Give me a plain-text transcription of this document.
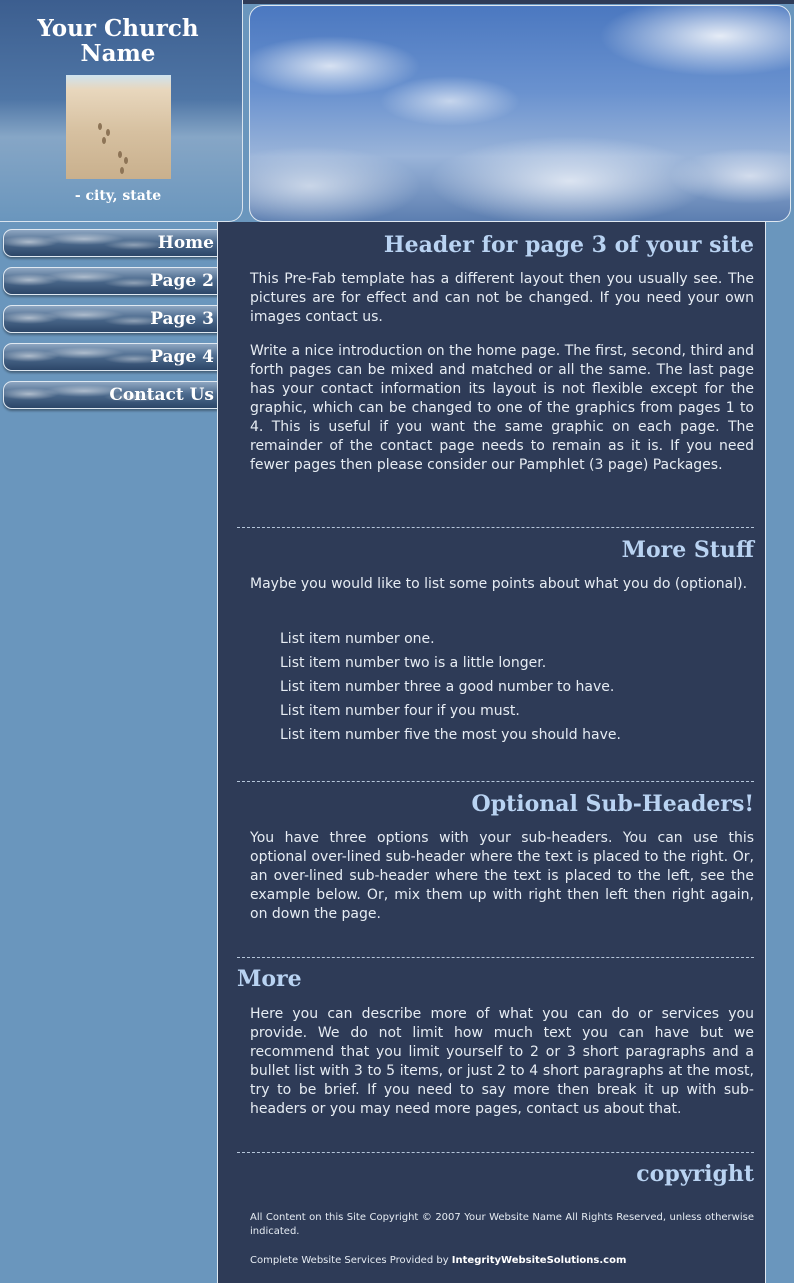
Your Church
Name
- city, state
Home
Page 2
Page 3
Page 4
Contact Us
Header for page 3 of your site
This Pre-Fab template has a different layout then you usually see. The pictures are for effect and can not be changed. If you need your own images contact us.
Write a nice introduction on the home page. The first, second, third and forth pages can be mixed and matched or all the same. The last page has your contact information its layout is not flexible except for the graphic, which can be changed to one of the graphics from pages 1 to 4. This is useful if you want the same graphic on each page. The remainder of the contact page needs to remain as it is. If you need fewer pages then please consider our Pamphlet (3 page) Packages.
More Stuff
Maybe you would like to list some points about what you do (optional).
List item number one.
List item number two is a little longer.
List item number three a good number to have.
List item number four if you must.
List item number five the most you should have.
Optional Sub-Headers!
You have three options with your sub-headers. You can use this optional over-lined sub-header where the text is placed to the right. Or, an over-lined sub-header where the text is placed to the left, see the example below. Or, mix them up with right then left then right again, on down the page.
More
Here you can describe more of what you can do or services you provide. We do not limit how much text you can have but we recommend that you limit yourself to 2 or 3 short paragraphs and a bullet list with 3 to 5 items, or just 2 to 4 short paragraphs at the most, try to be brief. If you need to say more then break it up with sub-headers or you may need more pages, contact us about that.
copyright
All Content on this Site Copyright © 2007 Your Website Name All Rights Reserved, unless otherwise indicated.
Complete Website Services Provided by IntegrityWebsiteSolutions.com
